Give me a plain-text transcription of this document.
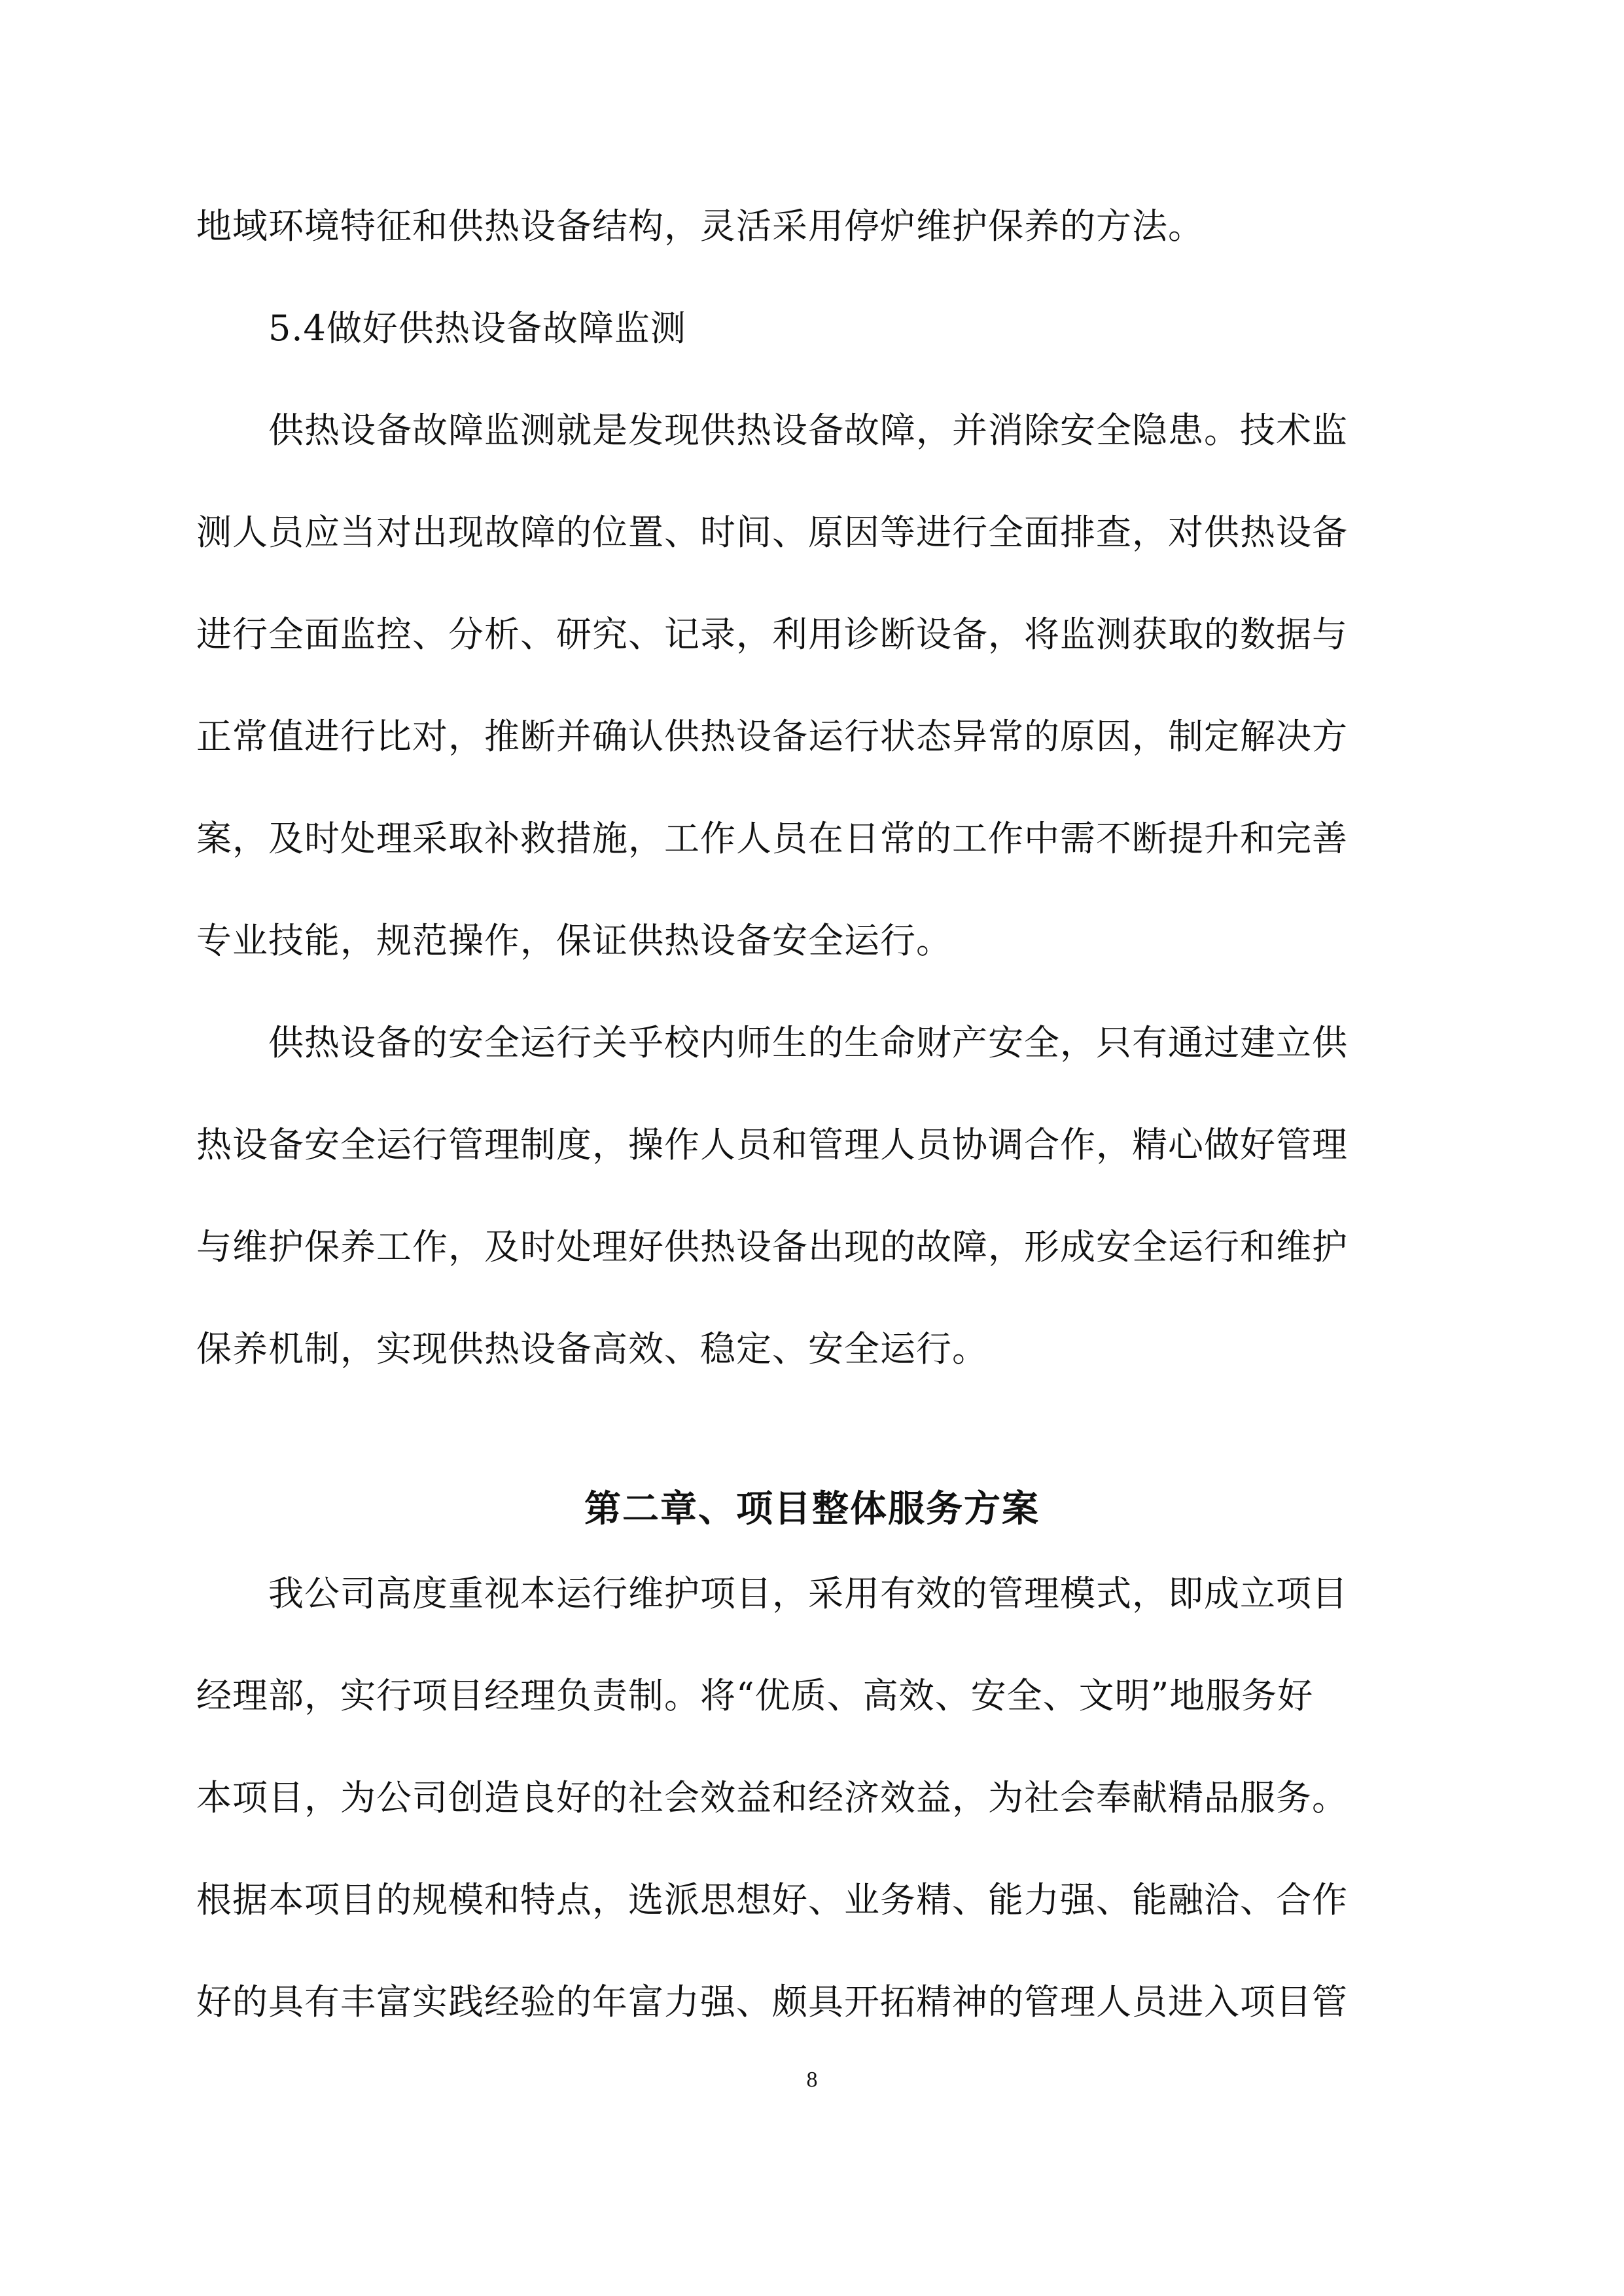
地域环境特征和供热设备结构，灵活采用停炉维护保养的方法。

5.4做好供热设备故障监测

供热设备故障监测就是发现供热设备故障，并消除安全隐患。技术监

测人员应当对出现故障的位置、时间、原因等进行全面排查，对供热设备

进行全面监控、分析、研究、记录，利用诊断设备，将监测获取的数据与

正常值进行比对，推断并确认供热设备运行状态异常的原因，制定解决方

案，及时处理采取补救措施，工作人员在日常的工作中需不断提升和完善

专业技能，规范操作，保证供热设备安全运行。

供热设备的安全运行关乎校内师生的生命财产安全，只有通过建立供

热设备安全运行管理制度，操作人员和管理人员协调合作，精心做好管理

与维护保养工作，及时处理好供热设备出现的故障，形成安全运行和维护

保养机制，实现供热设备高效、稳定、安全运行。

第二章、项目整体服务方案

我公司高度重视本运行维护项目，采用有效的管理模式，即成立项目

经理部，实行项目经理负责制。将“优质、高效、安全、文明”地服务好

本项目，为公司创造良好的社会效益和经济效益，为社会奉献精品服务。

根据本项目的规模和特点，选派思想好、业务精、能力强、能融洽、合作

好的具有丰富实践经验的年富力强、颇具开拓精神的管理人员进入项目管

8
